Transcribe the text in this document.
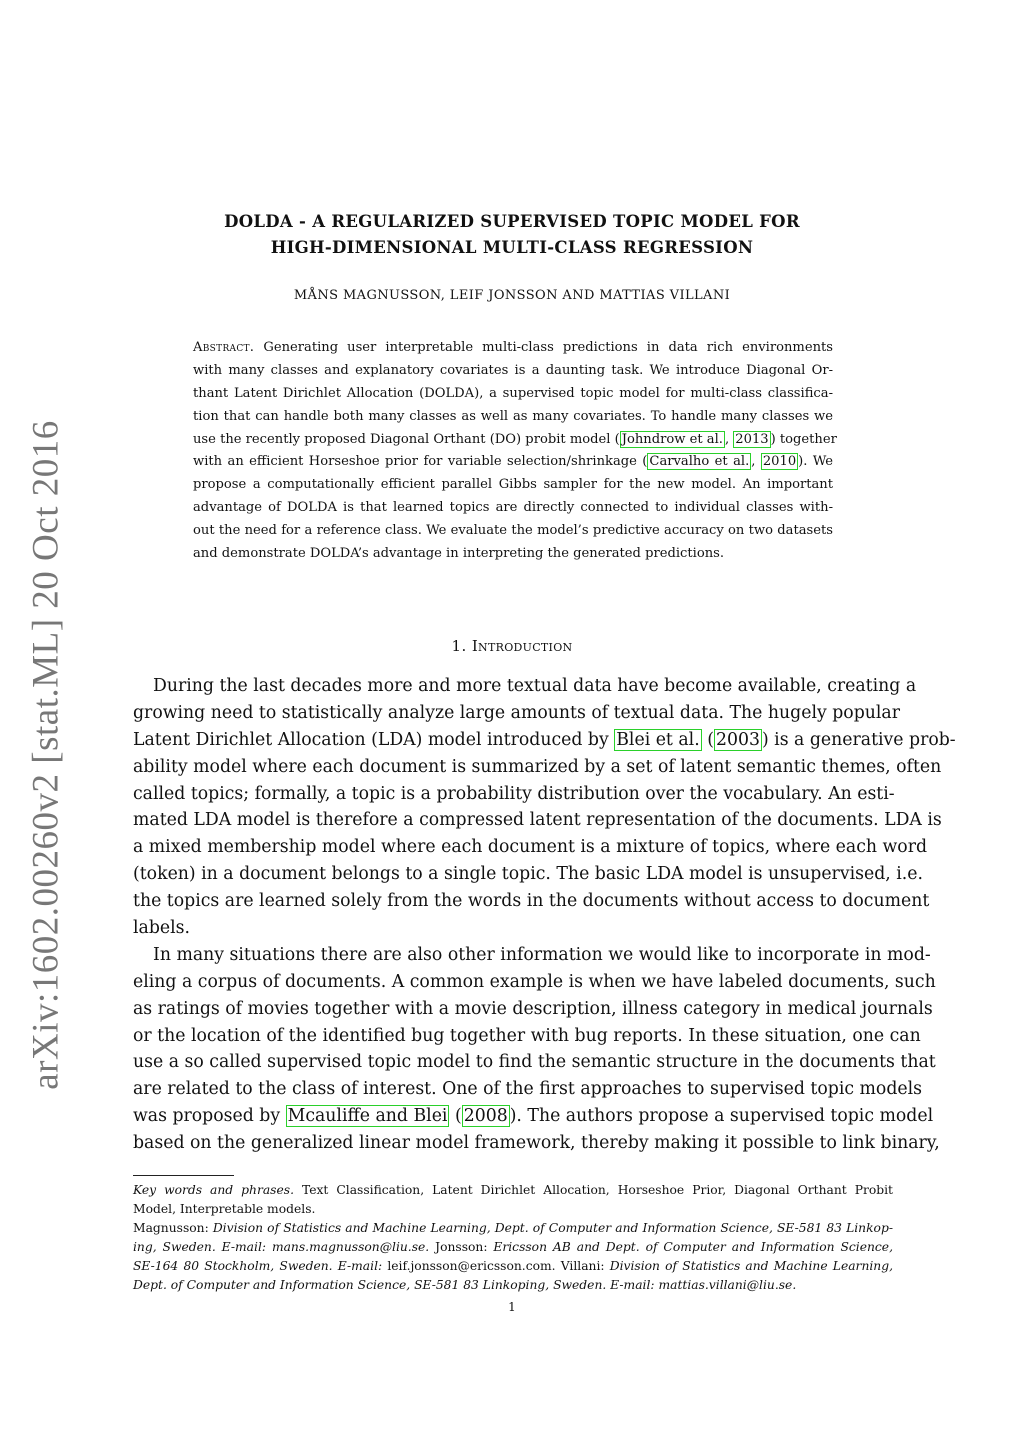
arXiv:1602.00260v2 [stat.ML] 20 Oct 2016
DOLDA - A REGULARIZED SUPERVISED TOPIC MODEL FOR
HIGH-DIMENSIONAL MULTI-CLASS REGRESSION
MÅNS MAGNUSSON, LEIF JONSSON AND MATTIAS VILLANI
Abstract. Generating user interpretable multi-class predictions in data rich environments
with many classes and explanatory covariates is a daunting task. We introduce Diagonal Or-
thant Latent Dirichlet Allocation (DOLDA), a supervised topic model for multi-class classifica-
tion that can handle both many classes as well as many covariates. To handle many classes we
use the recently proposed Diagonal Orthant (DO) probit model ( Johndrow et al. , 2013 ) together
with an efficient Horseshoe prior for variable selection/shrinkage ( Carvalho et al. , 2010 ). We
propose a computationally efficient parallel Gibbs sampler for the new model. An important
advantage of DOLDA is that learned topics are directly connected to individual classes with-
out the need for a reference class. We evaluate the model’s predictive accuracy on two datasets
and demonstrate DOLDA’s advantage in interpreting the generated predictions.
1. Introduction
During the last decades more and more textual data have become available, creating a
growing need to statistically analyze large amounts of textual data. The hugely popular
Latent Dirichlet Allocation (LDA) model introduced by Blei et al. ( 2003 ) is a generative prob-
ability model where each document is summarized by a set of latent semantic themes, often
called topics; formally, a topic is a probability distribution over the vocabulary. An esti-
mated LDA model is therefore a compressed latent representation of the documents. LDA is
a mixed membership model where each document is a mixture of topics, where each word
(token) in a document belongs to a single topic. The basic LDA model is unsupervised, i.e.
the topics are learned solely from the words in the documents without access to document
labels.
In many situations there are also other information we would like to incorporate in mod-
eling a corpus of documents. A common example is when we have labeled documents, such
as ratings of movies together with a movie description, illness category in medical journals
or the location of the identified bug together with bug reports. In these situation, one can
use a so called supervised topic model to find the semantic structure in the documents that
are related to the class of interest. One of the first approaches to supervised topic models
was proposed by Mcauliffe and Blei ( 2008 ). The authors propose a supervised topic model
based on the generalized linear model framework, thereby making it possible to link binary,
Key words and phrases. Text Classification, Latent Dirichlet Allocation, Horseshoe Prior, Diagonal Orthant Probit
Model, Interpretable models.
Magnusson: Division of Statistics and Machine Learning, Dept. of Computer and Information Science, SE-581 83 Linkop-
ing, Sweden. E-mail: mans.magnusson@liu.se. Jonsson: Ericsson AB and Dept. of Computer and Information Science,
SE-164 80 Stockholm, Sweden. E-mail: leif.jonsson@ericsson.com. Villani: Division of Statistics and Machine Learning,
Dept. of Computer and Information Science, SE-581 83 Linkoping, Sweden. E-mail: mattias.villani@liu.se.
1
